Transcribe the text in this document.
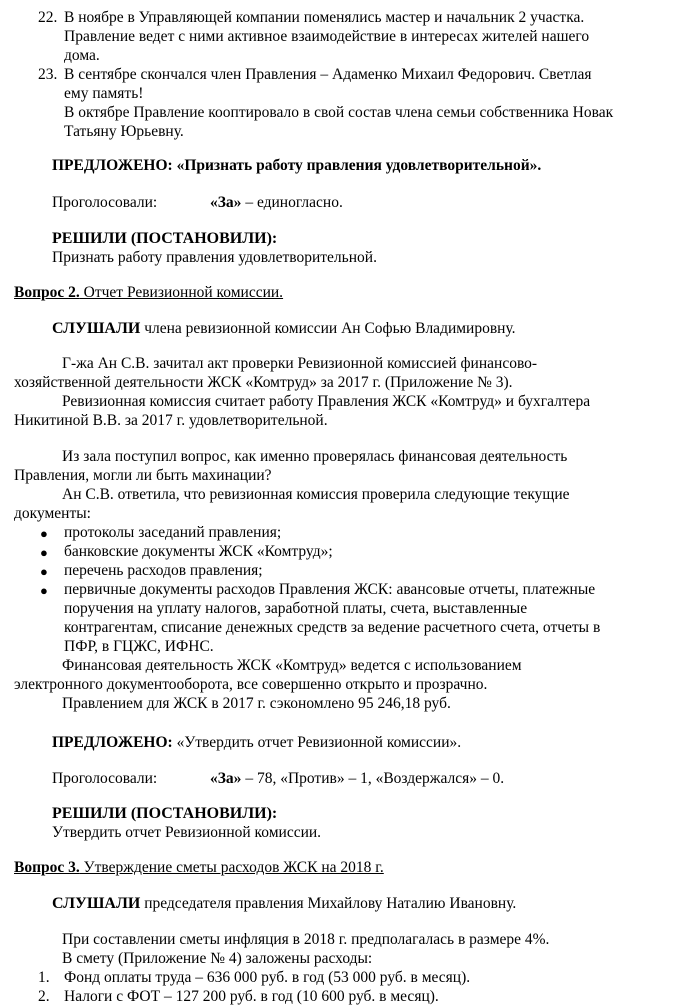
22. В ноябре в Управляющей компании поменялись мастер и начальник 2 участка.
Правление ведет с ними активное взаимодействие в интересах жителей нашего
дома.
23. В сентябре скончался член Правления – Адаменко Михаил Федорович. Светлая
ему память!
В октябре Правление кооптировало в свой состав члена семьи собственника Новак
Татьяну Юрьевну.
ПРЕДЛОЖЕНО: «Признать работу правления удовлетворительной».
Проголосовали:	«За» – единогласно.
РЕШИЛИ (ПОСТАНОВИЛИ):
Признать работу правления удовлетворительной.
Вопрос 2. Отчет Ревизионной комиссии.
СЛУШАЛИ члена ревизионной комиссии Ан Софью Владимировну.
Г-жа Ан С.В. зачитал акт проверки Ревизионной комиссией финансово-
хозяйственной деятельности ЖСК «Комтруд» за 2017 г. (Приложение № 3).
Ревизионная комиссия считает работу Правления ЖСК «Комтруд» и бухгалтера
Никитиной В.В. за 2017 г. удовлетворительной.
Из зала поступил вопрос, как именно проверялась финансовая деятельность
Правления, могли ли быть махинации?
Ан С.В. ответила, что ревизионная комиссия проверила следующие текущие
документы:
● протоколы заседаний правления;
● банковские документы ЖСК «Комтруд»;
● перечень расходов правления;
● первичные документы расходов Правления ЖСК: авансовые отчеты, платежные
поручения на уплату налогов, заработной платы, счета, выставленные
контрагентам, списание денежных средств за ведение расчетного счета, отчеты в
ПФР, в ГЦЖС, ИФНС.
Финансовая деятельность ЖСК «Комтруд» ведется с использованием
электронного документооборота, все совершенно открыто и прозрачно.
Правлением для ЖСК в 2017 г. сэкономлено 95 246,18 руб.
ПРЕДЛОЖЕНО: «Утвердить отчет Ревизионной комиссии».
Проголосовали:	«За» – 78, «Против» – 1, «Воздержался» – 0.
РЕШИЛИ (ПОСТАНОВИЛИ):
Утвердить отчет Ревизионной комиссии.
Вопрос 3. Утверждение сметы расходов ЖСК на 2018 г.
СЛУШАЛИ председателя правления Михайлову Наталию Ивановну.
При составлении сметы инфляция в 2018 г. предполагалась в размере 4%.
В смету (Приложение № 4) заложены расходы:
1. Фонд оплаты труда – 636 000 руб. в год (53 000 руб. в месяц).
2. Налоги с ФОТ – 127 200 руб. в год (10 600 руб. в месяц).
